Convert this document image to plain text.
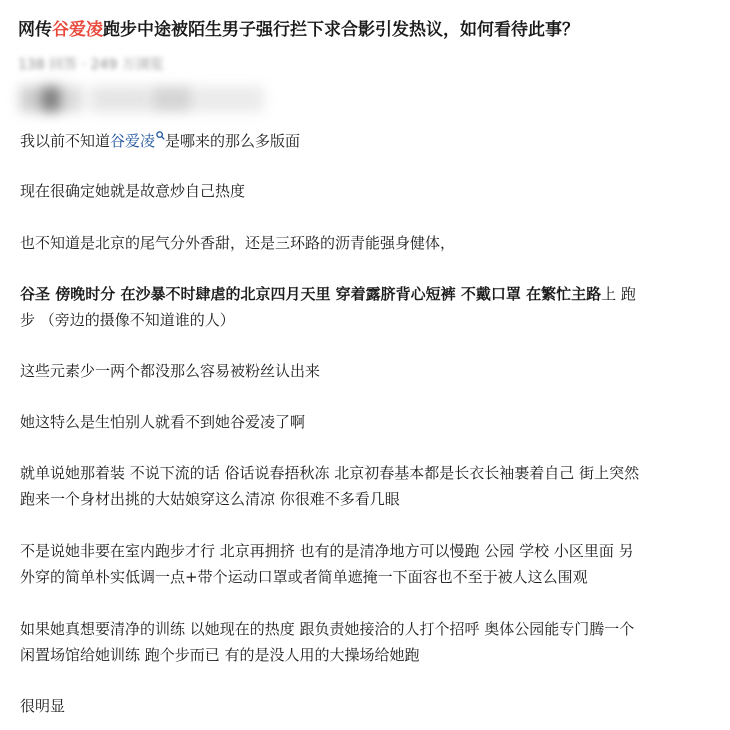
网传谷爱凌跑步中途被陌生男子强行拦下求合影引发热议，如何看待此事？
138 回答 · 249 万浏览

我以前不知道谷爱凌 是哪来的那么多版面

现在很确定她就是故意炒自己热度

也不知道是北京的尾气分外香甜，还是三环路的沥青能强身健体，

谷圣 傍晚时分 在沙暴不时肆虐的北京四月天里 穿着露脐背心短裤 不戴口罩 在繁忙主路上 跑

步 （旁边的摄像不知道谁的人）

这些元素少一两个都没那么容易被粉丝认出来

她这特么是生怕别人就看不到她谷爱凌了啊

就单说她那着装 不说下流的话 俗话说春捂秋冻 北京初春基本都是长衣长袖裹着自己 街上突然

跑来一个身材出挑的大姑娘穿这么清凉 你很难不多看几眼

不是说她非要在室内跑步才行 北京再拥挤 也有的是清净地方可以慢跑 公园 学校 小区里面 另

外穿的简单朴实低调一点+带个运动口罩或者简单遮掩一下面容也不至于被人这么围观

如果她真想要清净的训练 以她现在的热度 跟负责她接洽的人打个招呼 奥体公园能专门腾一个

闲置场馆给她训练 跑个步而已 有的是没人用的大操场给她跑

很明显
